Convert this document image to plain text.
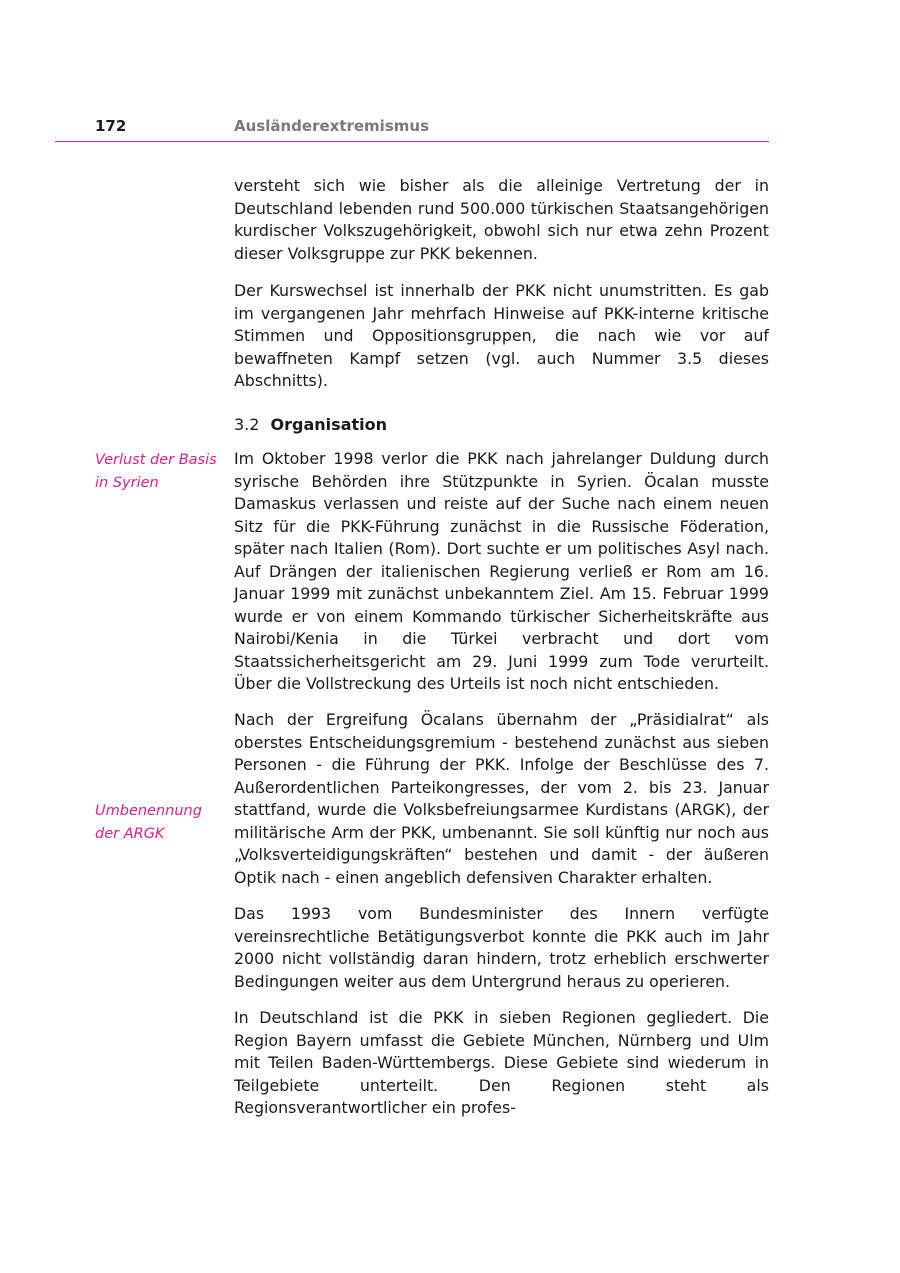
172	Ausländerextremismus

versteht sich wie bisher als die alleinige Vertretung der in Deutschland lebenden rund 500.000 türkischen Staatsangehörigen kurdischer Volkszugehörigkeit, obwohl sich nur etwa zehn Prozent dieser Volksgruppe zur PKK bekennen.

Der Kurswechsel ist innerhalb der PKK nicht unumstritten. Es gab im vergangenen Jahr mehrfach Hinweise auf PKK-interne kritische Stimmen und Oppositionsgruppen, die nach wie vor auf bewaffneten Kampf setzen (vgl. auch Nummer 3.5 dieses Abschnitts).

3.2 Organisation
Verlust der Basis
in Syrien

Im Oktober 1998 verlor die PKK nach jahrelanger Duldung durch syrische Behörden ihre Stützpunkte in Syrien. Öcalan musste Damaskus verlassen und reiste auf der Suche nach einem neuen Sitz für die PKK-Führung zunächst in die Russische Föderation, später nach Italien (Rom). Dort suchte er um politisches Asyl nach. Auf Drängen der italienischen Regierung verließ er Rom am 16. Januar 1999 mit zunächst unbekanntem Ziel. Am 15. Februar 1999 wurde er von einem Kommando türkischer Sicherheitskräfte aus Nairobi/Kenia in die Türkei verbracht und dort vom Staatssicherheitsgericht am 29. Juni 1999 zum Tode verurteilt. Über die Vollstreckung des Urteils ist noch nicht entschieden.

Nach der Ergreifung Öcalans übernahm der „Präsidialrat“ als oberstes Entscheidungsgremium - bestehend zunächst aus sieben Personen - die Führung der PKK. Infolge der Beschlüsse des 7. Außerordentlichen Parteikongresses, der vom 2. bis 23. Januar stattfand, wurde die Volksbefreiungsarmee Kurdistans (ARGK), der militärische Arm der PKK, umbenannt. Sie soll künftig nur noch aus „Volksverteidigungskräften“ bestehen und damit - der äußeren Optik nach - einen angeblich defensiven Charakter erhalten.

Umbenennung
der ARGK

Das 1993 vom Bundesminister des Innern verfügte vereinsrechtliche Betätigungsverbot konnte die PKK auch im Jahr 2000 nicht vollständig daran hindern, trotz erheblich erschwerter Bedingungen weiter aus dem Untergrund heraus zu operieren.

In Deutschland ist die PKK in sieben Regionen gegliedert. Die Region Bayern umfasst die Gebiete München, Nürnberg und Ulm mit Teilen Baden-Württembergs. Diese Gebiete sind wiederum in Teilgebiete unterteilt. Den Regionen steht als Regionsverantwortlicher ein profes-
